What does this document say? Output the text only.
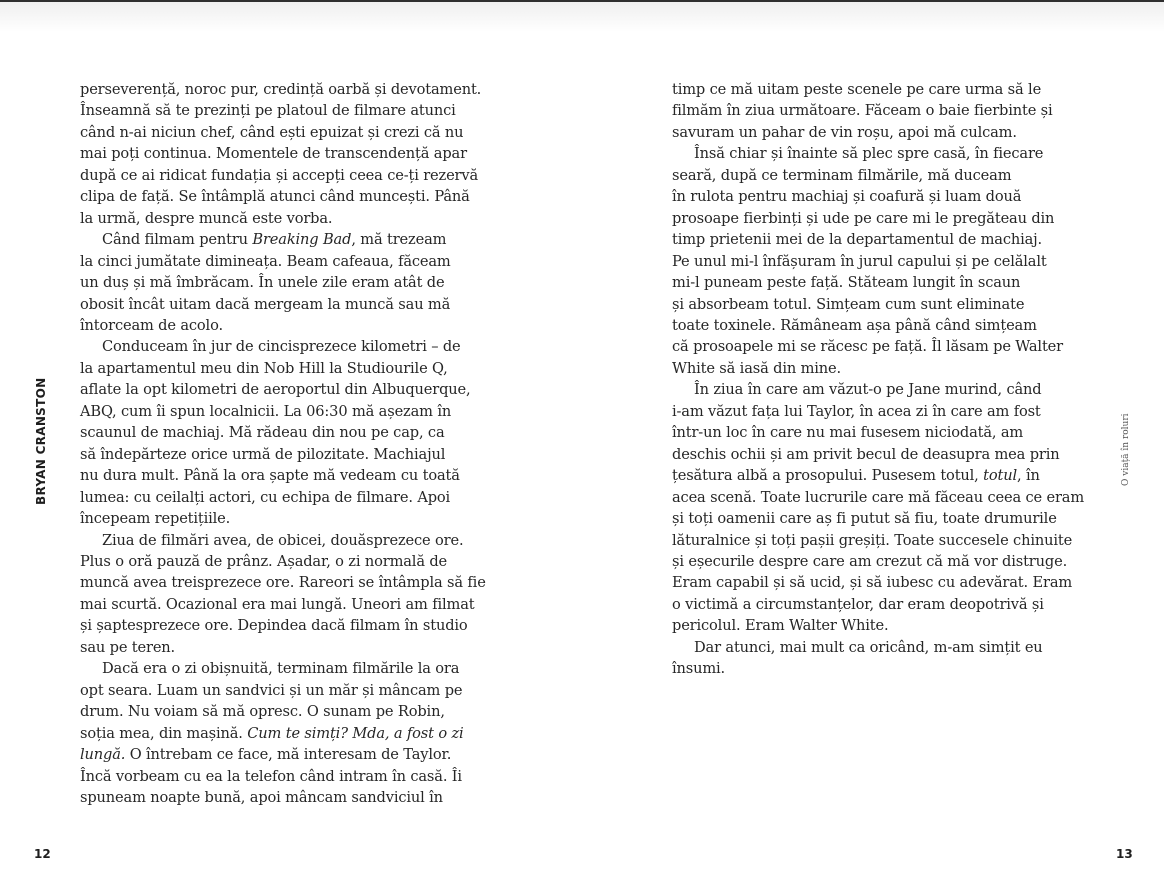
BRYAN CRANSTON
perseverență, noroc pur, credință oarbă și devotament.
Înseamnă să te prezinți pe platoul de filmare atunci
când n-ai niciun chef, când ești epuizat și crezi că nu
mai poți continua. Momentele de transcendență apar
după ce ai ridicat fundația și accepți ceea ce-ți rezervă
clipa de față. Se întâmplă atunci când muncești. Până
la urmă, despre muncă este vorba.
Când filmam pentru Breaking Bad, mă trezeam
la cinci jumătate dimineața. Beam cafeaua, făceam
un duș și mă îmbrăcam. În unele zile eram atât de
obosit încât uitam dacă mergeam la muncă sau mă
întorceam de acolo.
Conduceam în jur de cincisprezece kilometri – de
la apartamentul meu din Nob Hill la Studiourile Q,
aflate la opt kilometri de aeroportul din Albuquerque,
ABQ, cum îi spun localnicii. La 06:30 mă așezam în
scaunul de machiaj. Mă rădeau din nou pe cap, ca
să îndepărteze orice urmă de pilozitate. Machiajul
nu dura mult. Până la ora șapte mă vedeam cu toată
lumea: cu ceilalți actori, cu echipa de filmare. Apoi
începeam repetițiile.
Ziua de filmări avea, de obicei, douăsprezece ore.
Plus o oră pauză de prânz. Așadar, o zi normală de
muncă avea treisprezece ore. Rareori se întâmpla să fie
mai scurtă. Ocazional era mai lungă. Uneori am filmat
și șaptesprezece ore. Depindea dacă filmam în studio
sau pe teren.
Dacă era o zi obișnuită, terminam filmările la ora
opt seara. Luam un sandvici și un măr și mâncam pe
drum. Nu voiam să mă opresc. O sunam pe Robin,
soția mea, din mașină. Cum te simți? Mda, a fost o zi
lungă. O întrebam ce face, mă interesam de Taylor.
Încă vorbeam cu ea la telefon când intram în casă. Îi
spuneam noapte bună, apoi mâncam sandviciul în
12
timp ce mă uitam peste scenele pe care urma să le
filmăm în ziua următoare. Făceam o baie fierbinte și
savuram un pahar de vin roșu, apoi mă culcam.
Însă chiar și înainte să plec spre casă, în fiecare
seară, după ce terminam filmările, mă duceam
în rulota pentru machiaj și coafură și luam două
prosoape fierbinți și ude pe care mi le pregăteau din
timp prietenii mei de la departamentul de machiaj.
Pe unul mi-l înfășuram în jurul capului și pe celălalt
mi-l puneam peste față. Stăteam lungit în scaun
și absorbeam totul. Simțeam cum sunt eliminate
toate toxinele. Rămâneam așa până când simțeam
că prosoapele mi se răcesc pe față. Îl lăsam pe Walter
White să iasă din mine.
În ziua în care am văzut-o pe Jane murind, când
i-am văzut fața lui Taylor, în acea zi în care am fost
într-un loc în care nu mai fusesem niciodată, am
deschis ochii și am privit becul de deasupra mea prin
țesătura albă a prosopului. Pusesem totul, totul, în
acea scenă. Toate lucrurile care mă făceau ceea ce eram
și toți oamenii care aș fi putut să fiu, toate drumurile
lăturalnice și toți pașii greșiți. Toate succesele chinuite
și eșecurile despre care am crezut că mă vor distruge.
Eram capabil și să ucid, și să iubesc cu adevărat. Eram
o victimă a circumstanțelor, dar eram deopotrivă și
pericolul. Eram Walter White.
Dar atunci, mai mult ca oricând, m-am simțit eu
însumi.
O viață în roluri
13
